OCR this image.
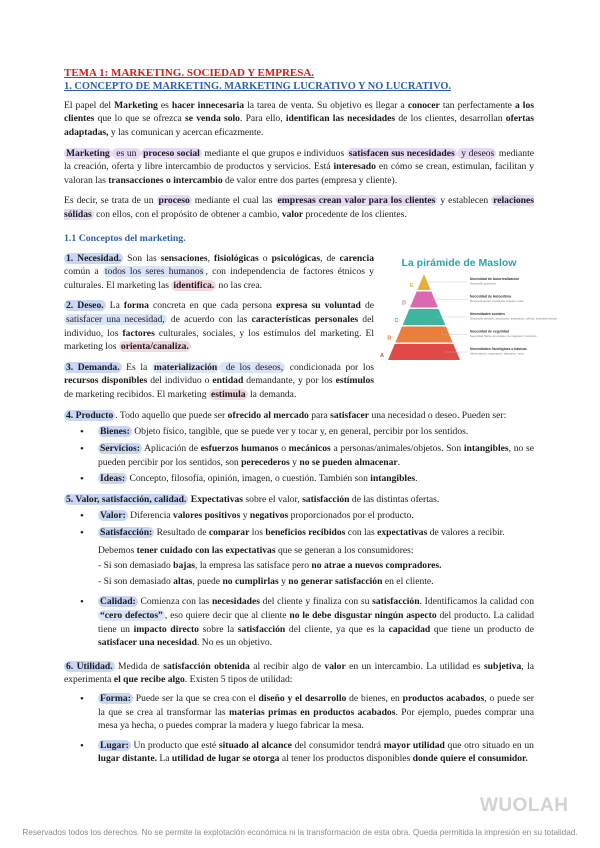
TEMA 1: MARKETING. SOCIEDAD Y EMPRESA.
1. CONCEPTO DE MARKETING. MARKETING LUCRATIVO Y NO LUCRATIVO.

El papel del Marketing es hacer innecesaria la tarea de venta. Su objetivo es llegar a conocer tan perfectamente a los clientes que lo que se ofrezca se venda solo. Para ello, identifican las necesidades de los clientes, desarrollan ofertas adaptadas, y las comunican y acercan eficazmente.

Marketing es un proceso social mediante el que grupos e individuos satisfacen sus necesidades y deseos mediante la creación, oferta y libre intercambio de productos y servicios. Está interesado en cómo se crean, estimulan, facilitan y valoran las transacciones o intercambio de valor entre dos partes (empresa y cliente).

Es decir, se trata de un proceso mediante el cual las empresas crean valor para los clientes y establecen relaciones sólidas con ellos, con el propósito de obtener a cambio, valor procedente de los clientes.

1.1 Conceptos del marketing.

1. Necesidad. Son las sensaciones, fisiológicas o psicológicas, de carencia común a todos los seres humanos , con independencia de factores étnicos y culturales. El marketing las identifica. no las crea.

2. Deseo. La forma concreta en que cada persona expresa su voluntad de satisfacer una necesidad, de acuerdo con las características personales del individuo, los factores culturales, sociales, y los estímulos del marketing. El marketing los orienta/canaliza.

3. Demanda. Es la materialización de los deseos, condicionada por los recursos disponibles del individuo o entidad demandante, y por los estímulos de marketing recibidos. El marketing estimula la demanda.

La pirámide de Maslow
E
Necesidad de Autorrealización
Desarrollo potencial
D
Necesidad de Autoestima
Reconocimiento, confianza, respeto, éxito
C
Necesidades sociales
Desarrollo afectivo, asociación, aceptación, afecto, intimidad sexual
B
Necesidad de seguridad
Seguridad física, de empleo, de ingresos y recursos
A
Necesidades fisiológicas o básicas
Alimentación, respiración, descanso, sexo

4. Producto . Todo aquello que puede ser ofrecido al mercado para satisfacer una necesidad o deseo. Pueden ser:

• Bienes: Objeto físico, tangible, que se puede ver y tocar y, en general, percibir por los sentidos.
• Servicios: Aplicación de esfuerzos humanos o mecánicos a personas/animales/objetos. Son intangibles, no se pueden percibir por los sentidos, son perecederos y no se pueden almacenar.
• Ideas: Concepto, filosofía, opinión, imagen, o cuestión. También son intangibles.

5. Valor, satisfacción, calidad. Expectativas sobre el valor, satisfacción de las distintas ofertas.

• Valor: Diferencia valores positivos y negativos proporcionados por el producto.
• Satisfacción: Resultado de comparar los beneficios recibidos con las expectativas de valores a recibir.
Debemos tener cuidado con las expectativas que se generan a los consumidores:
- Si son demasiado bajas, la empresa las satisface pero no atrae a nuevos compradores.
- Si son demasiado altas, puede no cumplirlas y no generar satisfacción en el cliente.
• Calidad: Comienza con las necesidades del cliente y finaliza con su satisfacción. Identificamos la calidad con “cero defectos” , eso quiere decir que al cliente no le debe disgustar ningún aspecto del producto. La calidad tiene un impacto directo sobre la satisfacción del cliente, ya que es la capacidad que tiene un producto de satisfacer una necesidad. No es un objetivo.

6. Utilidad. Medida de satisfacción obtenida al recibir algo de valor en un intercambio. La utilidad es subjetiva, la experimenta el que recibe algo. Existen 5 tipos de utilidad:

• Forma: Puede ser la que se crea con el diseño y el desarrollo de bienes, en productos acabados, o puede ser la que se crea al transformar las materias primas en productos acabados. Por ejemplo, puedes comprar una mesa ya hecha, o puedes comprar la madera y luego fabricar la mesa.
• Lugar: Un producto que esté situado al alcance del consumidor tendrá mayor utilidad que otro situado en un lugar distante. La utilidad de lugar se otorga al tener los productos disponibles donde quiere el consumidor.
WUOLAH
Reservados todos los derechos. No se permite la explotación económica ni la transformación de esta obra. Queda permitida la impresión en su totalidad.
